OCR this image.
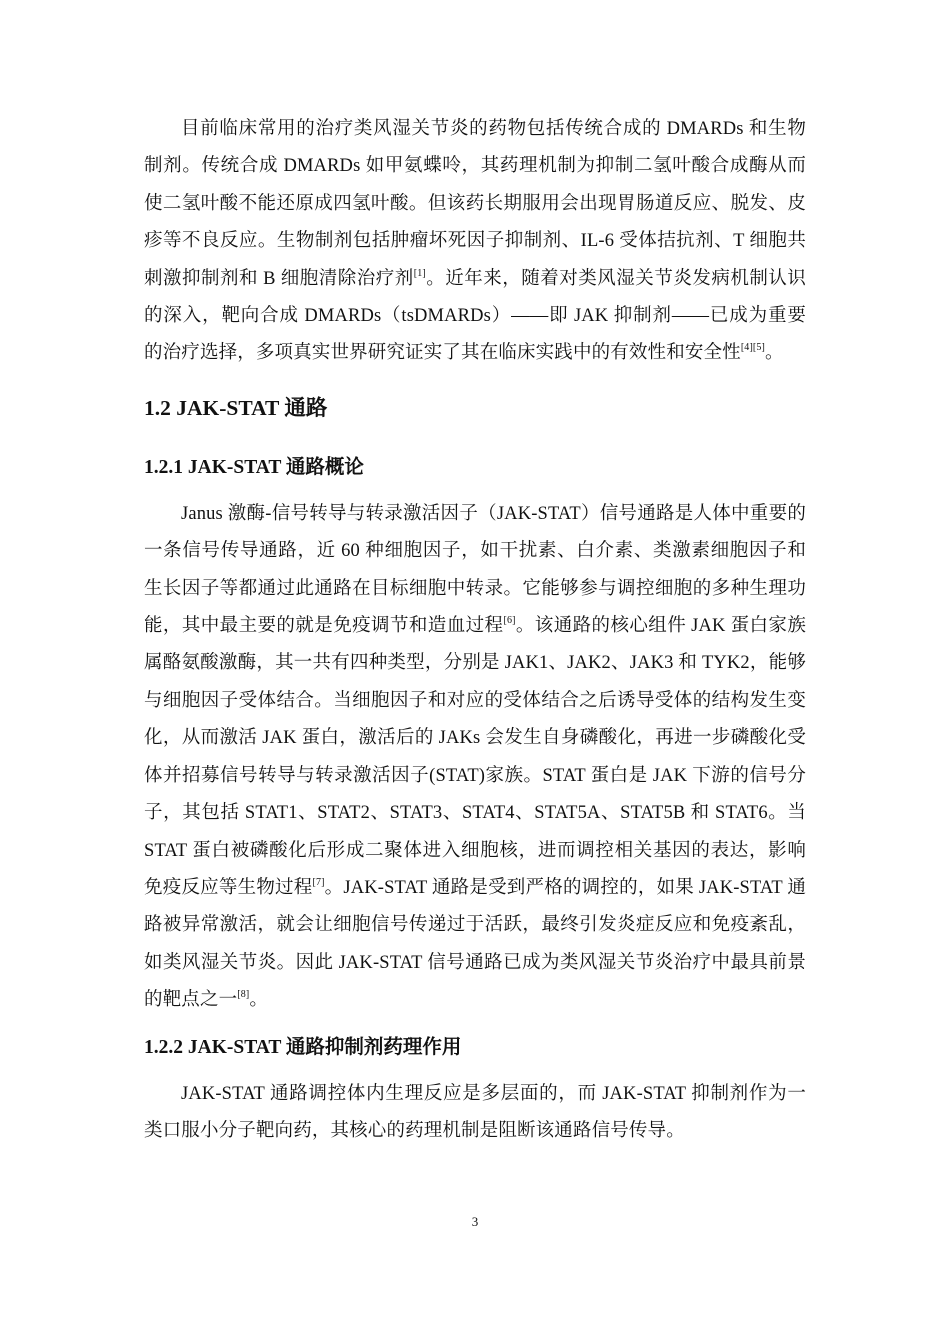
目前临床常用的治疗类风湿关节炎的药物包括传统合成的 DMARDs 和生物制剂。传统合成 DMARDs 如甲氨蝶呤，其药理机制为抑制二氢叶酸合成酶从而使二氢叶酸不能还原成四氢叶酸。但该药长期服用会出现胃肠道反应、脱发、皮疹等不良反应。生物制剂包括肿瘤坏死因子抑制剂、IL-6 受体拮抗剂、T 细胞共刺激抑制剂和 B 细胞清除治疗剂[1]。近年来，随着对类风湿关节炎发病机制认识的深入，靶向合成 DMARDs（tsDMARDs）——即 JAK 抑制剂——已成为重要的治疗选择，多项真实世界研究证实了其在临床实践中的有效性和安全性[4][5]。

1.2 JAK-STAT 通路
1.2.1 JAK-STAT 通路概论

Janus 激酶-信号转导与转录激活因子（JAK-STAT）信号通路是人体中重要的一条信号传导通路，近 60 种细胞因子，如干扰素、白介素、类激素细胞因子和生长因子等都通过此通路在目标细胞中转录。它能够参与调控细胞的多种生理功能，其中最主要的就是免疫调节和造血过程[6]。该通路的核心组件 JAK 蛋白家族属酪氨酸激酶，其一共有四种类型，分别是 JAK1、JAK2、JAK3 和 TYK2，能够与细胞因子受体结合。当细胞因子和对应的受体结合之后诱导受体的结构发生变化，从而激活 JAK 蛋白，激活后的 JAKs 会发生自身磷酸化，再进一步磷酸化受体并招募信号转导与转录激活因子(STAT)家族。STAT 蛋白是 JAK 下游的信号分子，其包括 STAT1、STAT2、STAT3、STAT4、STAT5A、STAT5B 和 STAT6。当 STAT 蛋白被磷酸化后形成二聚体进入细胞核，进而调控相关基因的表达，影响免疫反应等生物过程[7]。JAK-STAT 通路是受到严格的调控的，如果 JAK-STAT 通路被异常激活，就会让细胞信号传递过于活跃，最终引发炎症反应和免疫紊乱，如类风湿关节炎。因此 JAK-STAT 信号通路已成为类风湿关节炎治疗中最具前景的靶点之一[8]。

1.2.2 JAK-STAT 通路抑制剂药理作用

JAK-STAT 通路调控体内生理反应是多层面的，而 JAK-STAT 抑制剂作为一类口服小分子靶向药，其核心的药理机制是阻断该通路信号传导。

3
